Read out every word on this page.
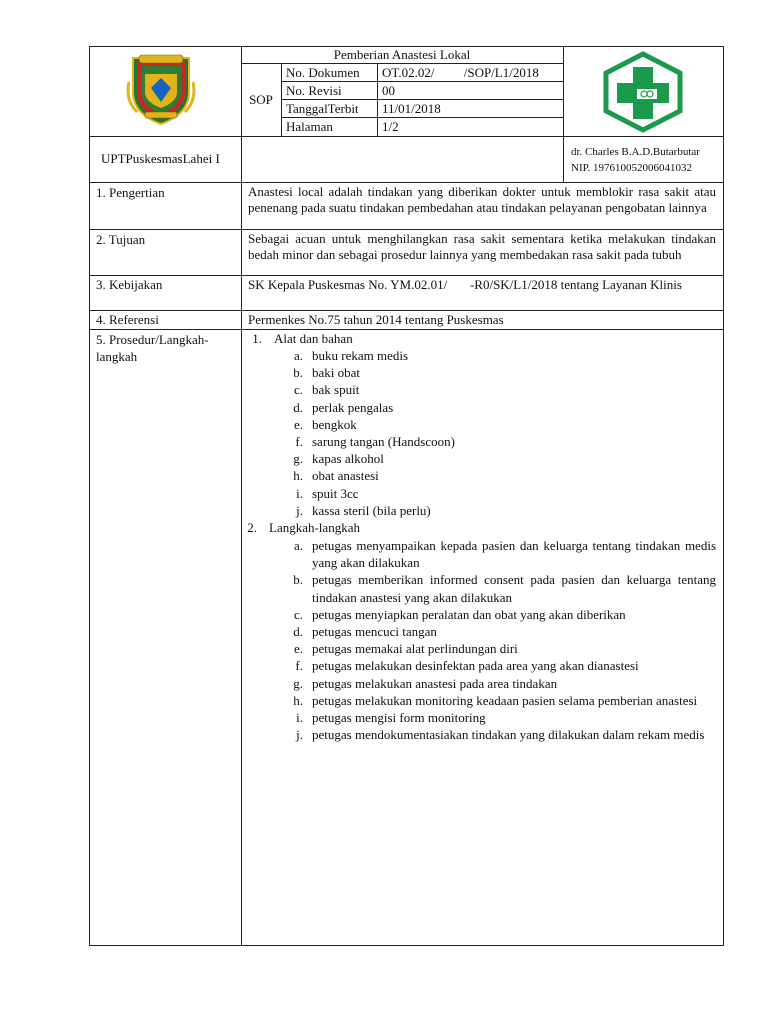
Pemberian Anastesi Lokal
SOP
No. Dokumen OT.02.02/         /SOP/L1/2018
No. Revisi	00
TanggalTerbit 11/01/2018
Halaman	1/2
UPTPuskesmasLahei I	dr. Charles B.A.D.Butarbutar
NIP. 197610052006041032
1. Pengertian	Anastesi local adalah tindakan yang diberikan dokter untuk memblokir rasa sakit atau penenang pada suatu tindakan pembedahan atau tindakan pelayanan pengobatan lainnya
2. Tujuan	Sebagai acuan untuk menghilangkan rasa sakit sementara ketika melakukan tindakan bedah minor dan sebagai prosedur lainnya yang membedakan rasa sakit pada tubuh
3. Kebijakan	SK Kepala Puskesmas No. YM.02.01/       -R0/SK/L1/2018 tentang Layanan Klinis
4. Referensi	Permenkes No.75 tahun 2014 tentang Puskesmas
5. Prosedur/Langkah-langkah
1. Alat dan bahan
a. buku rekam medis
b. baki obat
c. bak spuit
d. perlak pengalas
e. bengkok
f. sarung tangan (Handscoon)
g. kapas alkohol
h. obat anastesi
i. spuit 3cc
j. kassa steril (bila perlu)
2. Langkah-langkah
a. petugas menyampaikan kepada pasien dan keluarga tentang tindakan medis yang akan dilakukan
b. petugas memberikan informed consent pada pasien dan keluarga tentang tindakan anastesi yang akan dilakukan
c. petugas menyiapkan peralatan dan obat yang akan diberikan
d. petugas mencuci tangan
e. petugas memakai alat perlindungan diri
f. petugas melakukan desinfektan pada area yang akan dianastesi
g. petugas melakukan anastesi pada area tindakan
h. petugas melakukan monitoring keadaan pasien selama pemberian anastesi
i. petugas mengisi form monitoring
j. petugas mendokumentasiakan tindakan yang dilakukan dalam rekam medis
